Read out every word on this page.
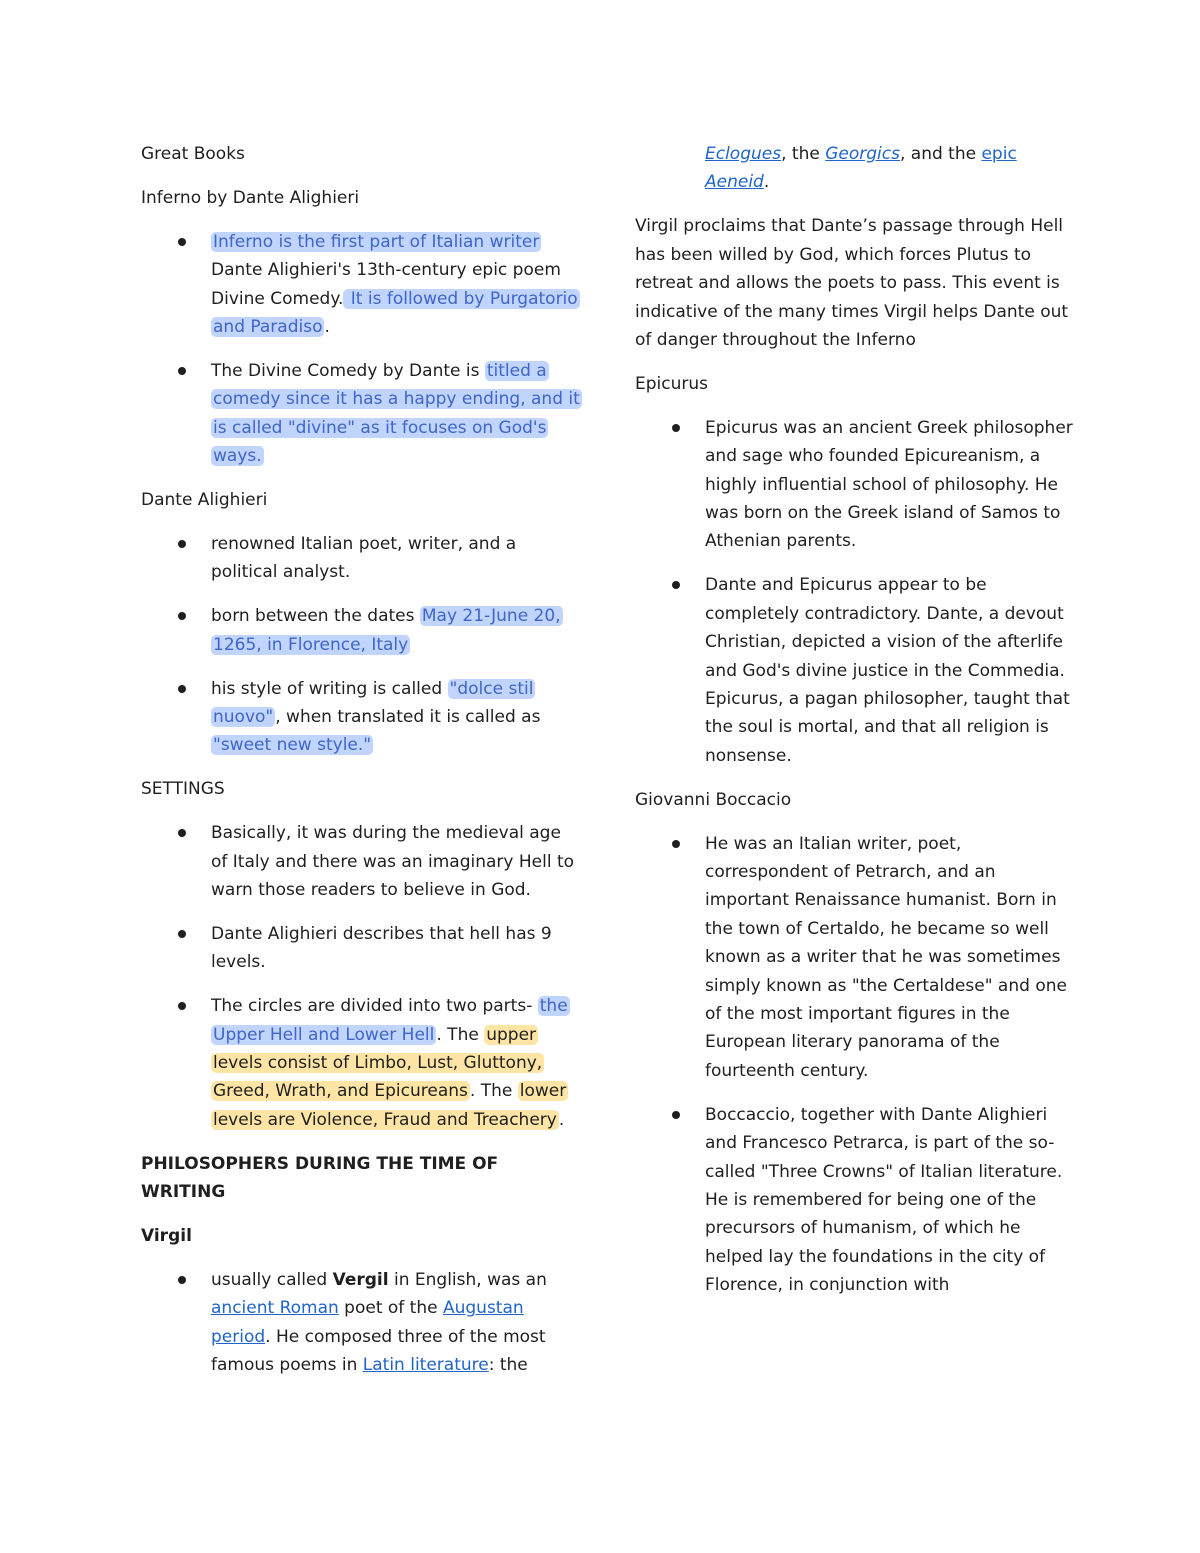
Great Books

Inferno by Dante Alighieri

Inferno is the first part of Italian writer Dante Alighieri's 13th-century epic poem Divine Comedy. It is followed by Purgatorio and Paradiso .
The Divine Comedy by Dante is titled a comedy since it has a happy ending, and it is called "divine" as it focuses on God's ways.

Dante Alighieri

renowned Italian poet, writer, and a political analyst.
born between the dates May 21-June 20, 1265, in Florence, Italy
his style of writing is called "dolce stil nuovo" , when translated it is called as "sweet new style."

SETTINGS

Basically, it was during the medieval age of Italy and there was an imaginary Hell to warn those readers to believe in God.
Dante Alighieri describes that hell has 9 levels.
The circles are divided into two parts- the Upper Hell and Lower Hell . The upper levels consist of Limbo, Lust, Gluttony, Greed, Wrath, and Epicureans . The lower levels are Violence, Fraud and Treachery .

PHILOSOPHERS DURING THE TIME OF WRITING

Virgil

usually called Vergil in English, was an ancient Roman poet of the Augustan period. He composed three of the most famous poems in Latin literature: the

Eclogues, the Georgics, and the epic Aeneid.

Virgil proclaims that Dante’s passage through Hell has been willed by God, which forces Plutus to retreat and allows the poets to pass. This event is indicative of the many times Virgil helps Dante out of danger throughout the Inferno

Epicurus

Epicurus was an ancient Greek philosopher and sage who founded Epicureanism, a highly influential school of philosophy. He was born on the Greek island of Samos to Athenian parents.
Dante and Epicurus appear to be completely contradictory. Dante, a devout Christian, depicted a vision of the afterlife and God's divine justice in the Commedia. Epicurus, a pagan philosopher, taught that the soul is mortal, and that all religion is nonsense.

Giovanni Boccacio

He was an Italian writer, poet, correspondent of Petrarch, and an important Renaissance humanist. Born in the town of Certaldo, he became so well known as a writer that he was sometimes simply known as "the Certaldese" and one of the most important figures in the European literary panorama of the fourteenth century.
Boccaccio, together with Dante Alighieri and Francesco Petrarca, is part of the so-called "Three Crowns" of Italian literature. He is remembered for being one of the precursors of humanism, of which he helped lay the foundations in the city of Florence, in conjunction with
